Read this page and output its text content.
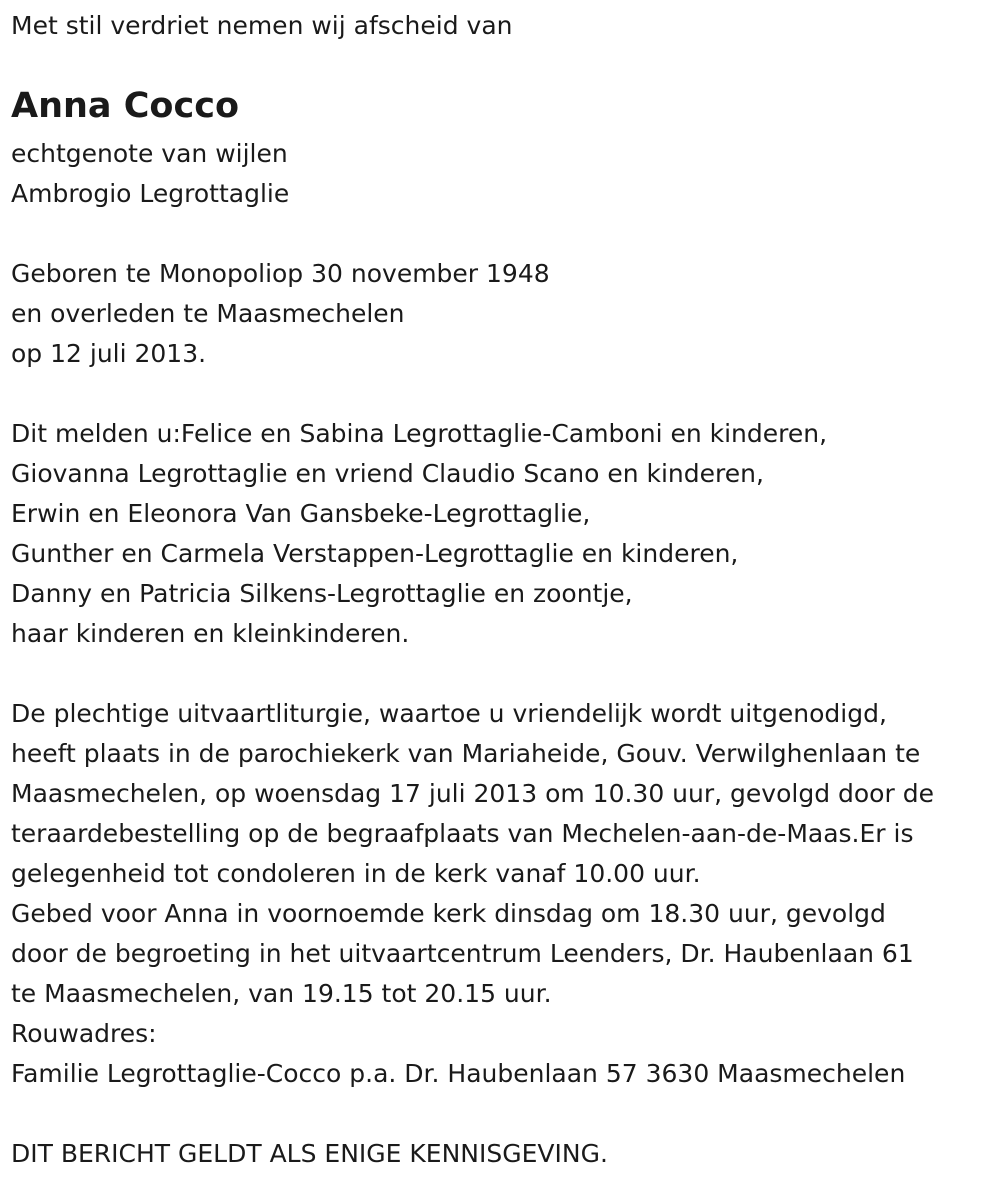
Met stil verdriet nemen wij afscheid van
Anna Cocco
echtgenote van wijlen
Ambrogio Legrottaglie
Geboren te Monopoliop 30 november 1948
en overleden te Maasmechelen
op 12 juli 2013.
Dit melden u:Felice en Sabina Legrottaglie-Camboni en kinderen,
Giovanna Legrottaglie en vriend Claudio Scano en kinderen,
Erwin en Eleonora Van Gansbeke-Legrottaglie,
Gunther en Carmela Verstappen-Legrottaglie en kinderen,
Danny en Patricia Silkens-Legrottaglie en zoontje,
haar kinderen en kleinkinderen.
De plechtige uitvaartliturgie, waartoe u vriendelijk wordt uitgenodigd,
heeft plaats in de parochiekerk van Mariaheide, Gouv. Verwilghenlaan te
Maasmechelen, op woensdag 17 juli 2013 om 10.30 uur, gevolgd door de
teraardebestelling op de begraafplaats van Mechelen-aan-de-Maas.Er is
gelegenheid tot condoleren in de kerk vanaf 10.00 uur.
Gebed voor Anna in voornoemde kerk dinsdag om 18.30 uur, gevolgd
door de begroeting in het uitvaartcentrum Leenders, Dr. Haubenlaan 61
te Maasmechelen, van 19.15 tot 20.15 uur.
Rouwadres:
Familie Legrottaglie-Cocco p.a. Dr. Haubenlaan 57 3630 Maasmechelen
DIT BERICHT GELDT ALS ENIGE KENNISGEVING.
